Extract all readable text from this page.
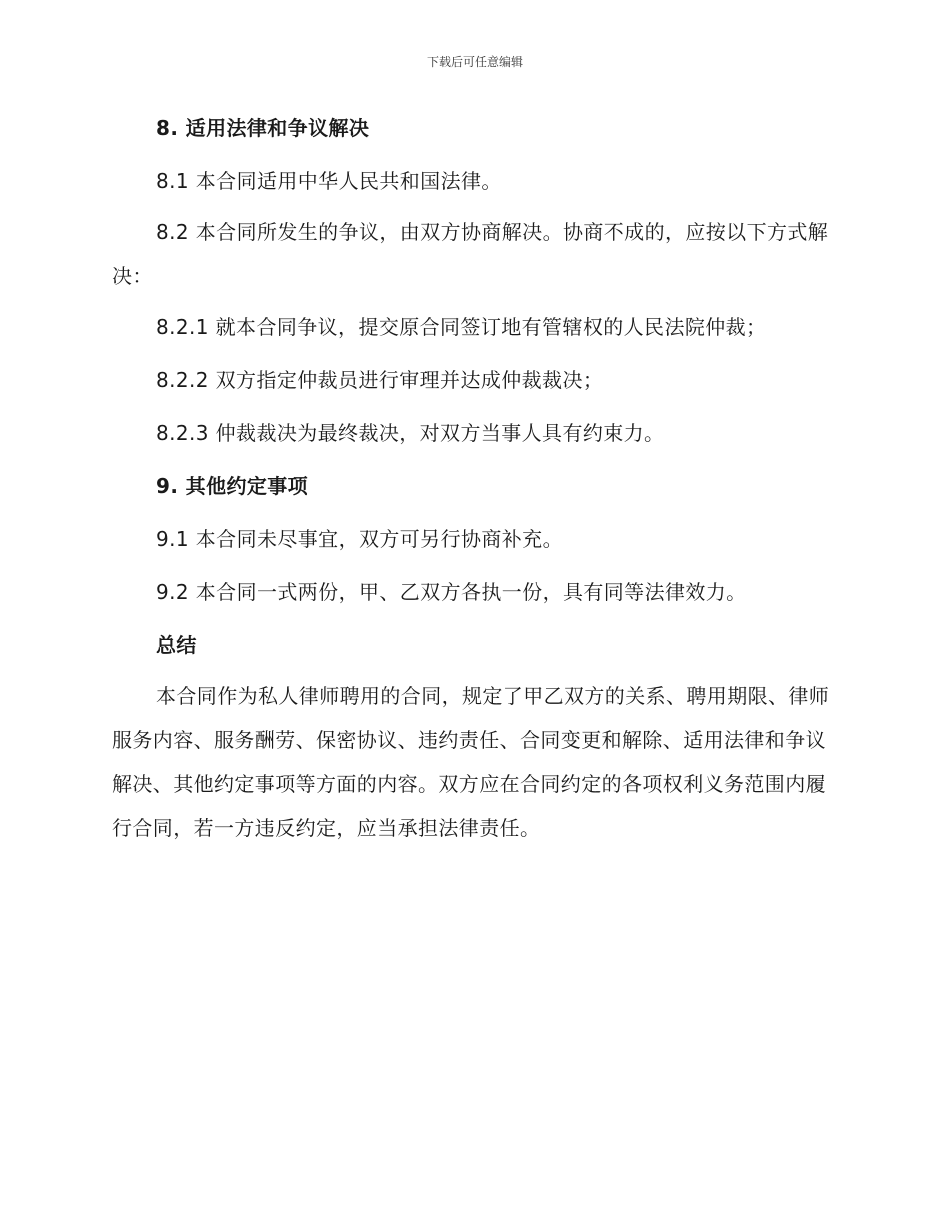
下载后可任意编辑

8. 适用法律和争议解决

8.1 本合同适用中华人民共和国法律。

8.2 本合同所发生的争议，由双方协商解决。协商不成的，应按以下方式解决：

8.2.1 就本合同争议，提交原合同签订地有管辖权的人民法院仲裁；

8.2.2 双方指定仲裁员进行审理并达成仲裁裁决；

8.2.3 仲裁裁决为最终裁决，对双方当事人具有约束力。

9. 其他约定事项

9.1 本合同未尽事宜，双方可另行协商补充。

9.2 本合同一式两份，甲、乙双方各执一份，具有同等法律效力。

总结

本合同作为私人律师聘用的合同，规定了甲乙双方的关系、聘用期限、律师服务内容、服务酬劳、保密协议、违约责任、合同变更和解除、适用法律和争议解决、其他约定事项等方面的内容。双方应在合同约定的各项权利义务范围内履行合同，若一方违反约定，应当承担法律责任。
